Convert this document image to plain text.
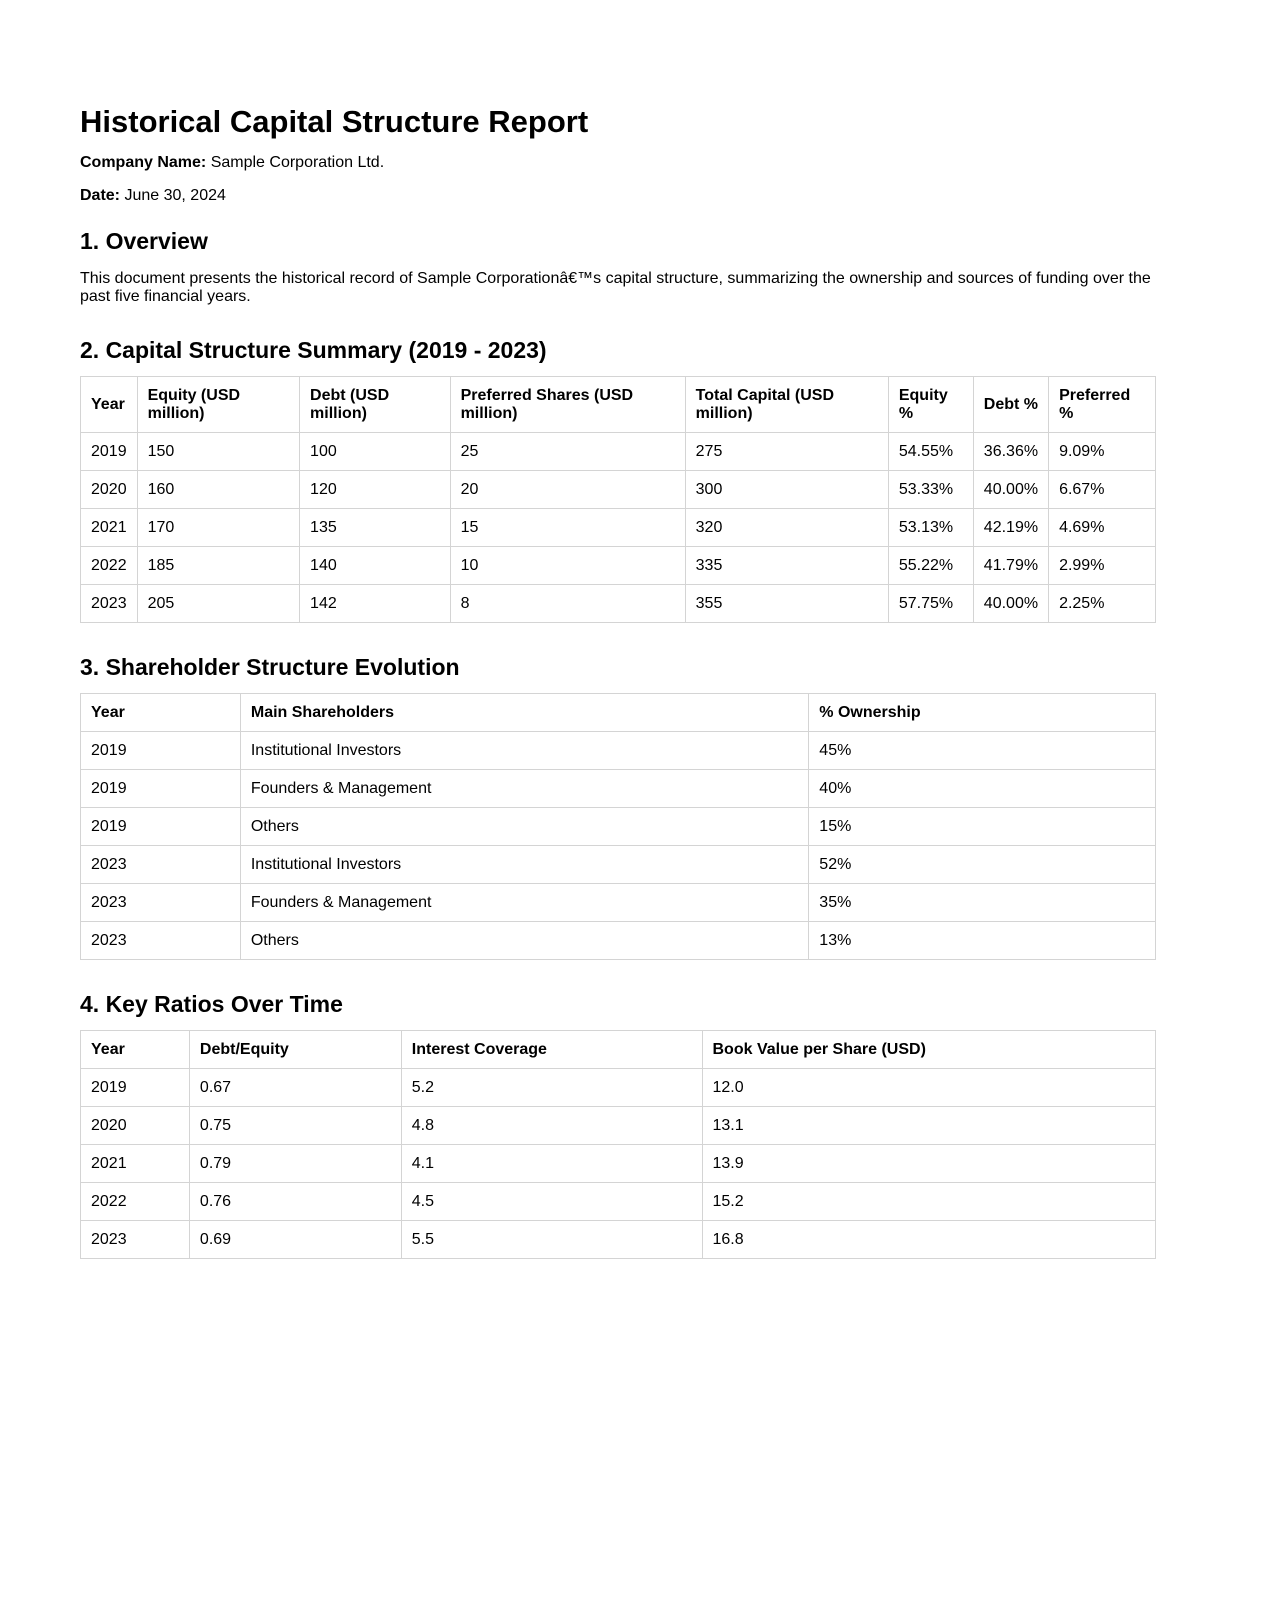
Historical Capital Structure Report

Company Name: Sample Corporation Ltd.

Date: June 30, 2024

1. Overview

This document presents the historical record of Sample Corporationâ€™s capital structure, summarizing the ownership and sources of funding over the past five financial years.

2. Capital Structure Summary (2019 - 2023)
Year	Equity (USD million)	Debt (USD million)	Preferred Shares (USD million)	Total Capital (USD million)	Equity %	Debt %	Preferred %
2019	150	100	25	275	54.55%	36.36%	9.09%
2020	160	120	20	300	53.33%	40.00%	6.67%
2021	170	135	15	320	53.13%	42.19%	4.69%
2022	185	140	10	335	55.22%	41.79%	2.99%
2023	205	142	8	355	57.75%	40.00%	2.25%
3. Shareholder Structure Evolution
Year	Main Shareholders	% Ownership
2019	Institutional Investors	45%
2019	Founders & Management	40%
2019	Others	15%
2023	Institutional Investors	52%
2023	Founders & Management	35%
2023	Others	13%
4. Key Ratios Over Time
Year	Debt/Equity	Interest Coverage	Book Value per Share (USD)
2019	0.67	5.2	12.0
2020	0.75	4.8	13.1
2021	0.79	4.1	13.9
2022	0.76	4.5	15.2
2023	0.69	5.5	16.8
